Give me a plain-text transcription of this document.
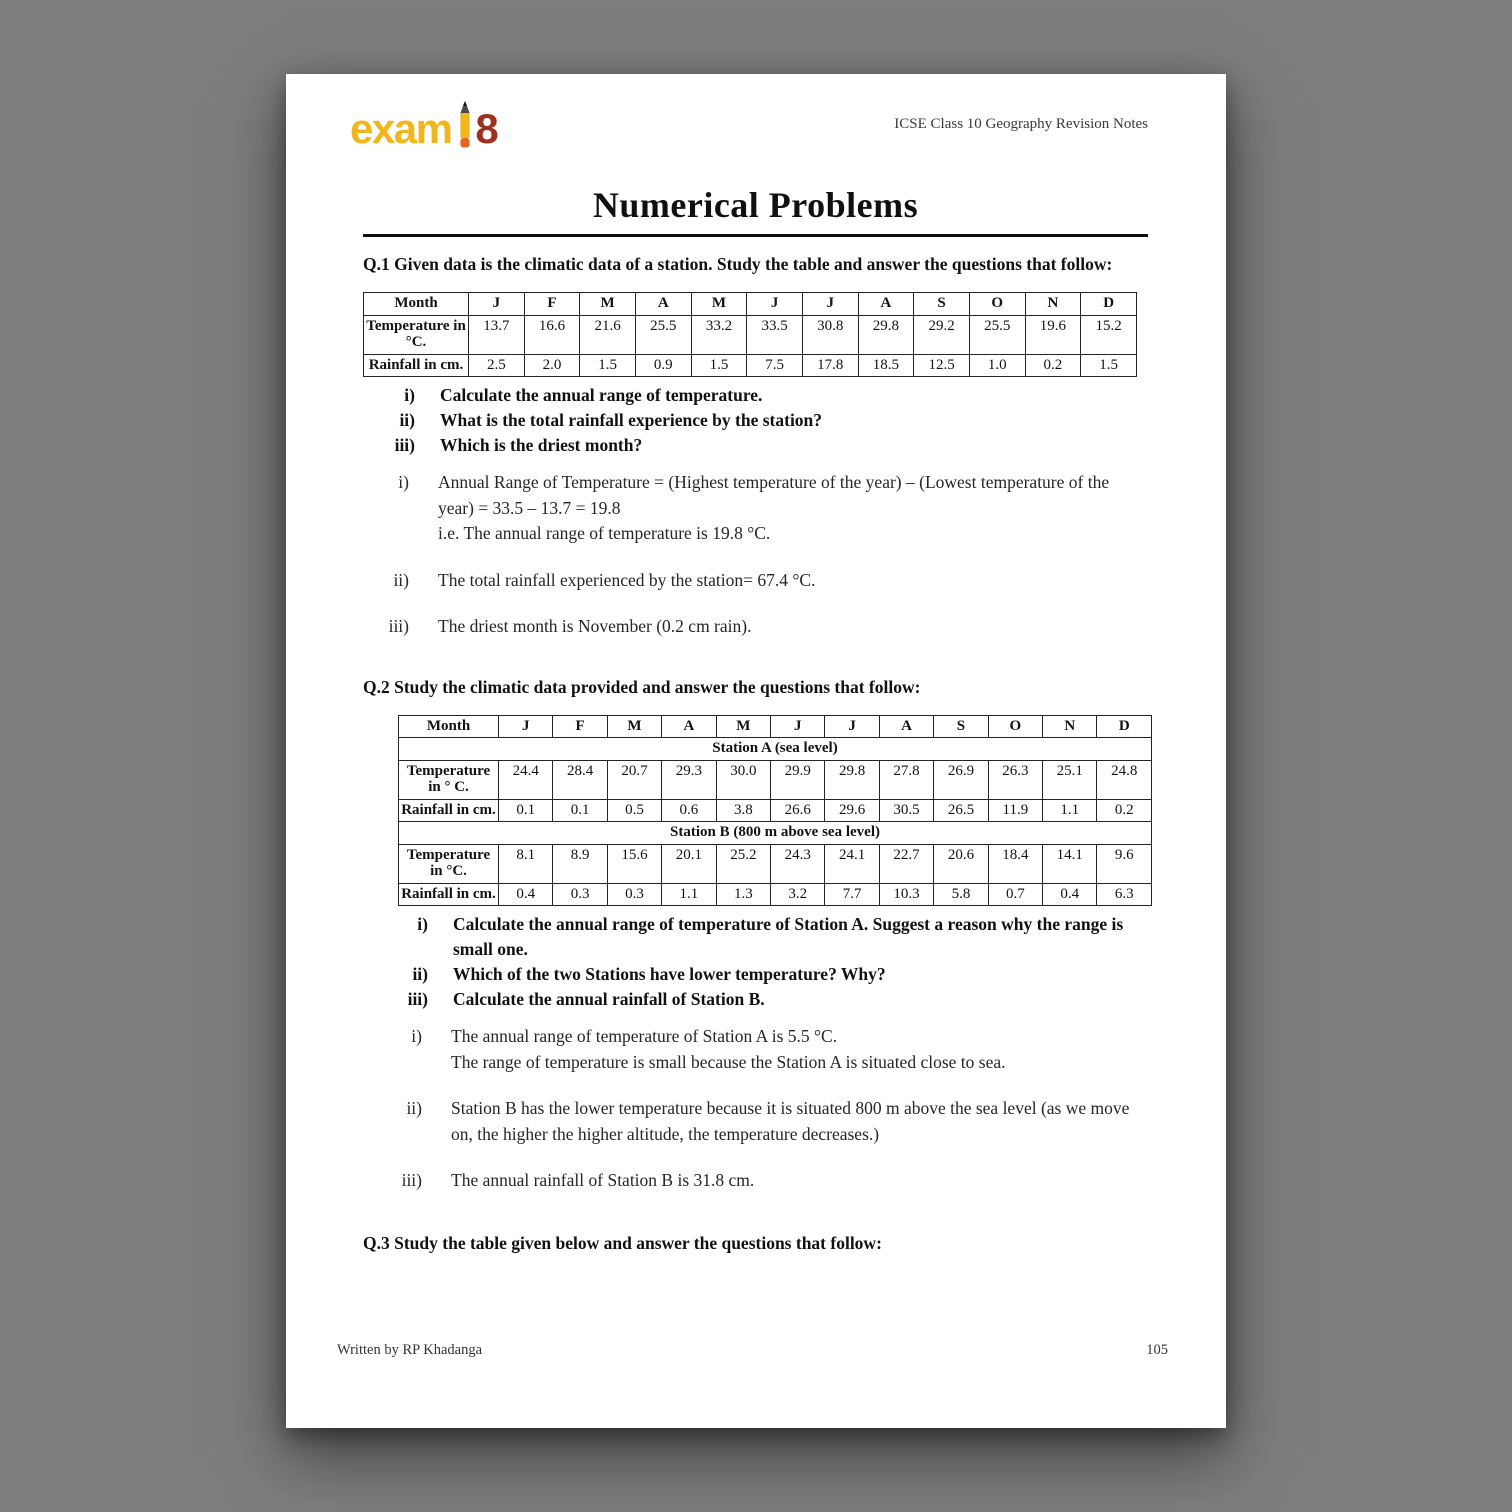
exam 8	ICSE Class 10 Geography Revision Notes
Numerical Problems

Q.1 Given data is the climatic data of a station. Study the table and answer the questions that follow:

Month	J	F	M	A	M	J	J	A	S	O	N	D
Temperature in °C.	13.7	16.6	21.6	25.5	33.2	33.5	30.8	29.8	29.2	25.5	19.6	15.2
Rainfall in cm.	2.5	2.0	1.5	0.9	1.5	7.5	17.8	18.5	12.5	1.0	0.2	1.5
i) Calculate the annual range of temperature.
ii) What is the total rainfall experience by the station?
iii) Which is the driest month?
i) Annual Range of Temperature = (Highest temperature of the year) – (Lowest temperature of the year) = 33.5 – 13.7 = 19.8
i.e. The annual range of temperature is 19.8 °C.
ii) The total rainfall experienced by the station= 67.4 °C.
iii) The driest month is November (0.2 cm rain).

Q.2 Study the climatic data provided and answer the questions that follow:

Month	J	F	M	A	M	J	J	A	S	O	N	D
Station A (sea level)												
Temperature in ° C.	24.4	28.4	20.7	29.3	30.0	29.9	29.8	27.8	26.9	26.3	25.1	24.8
Rainfall in cm.	0.1	0.1	0.5	0.6	3.8	26.6	29.6	30.5	26.5	11.9	1.1	0.2
Station B (800 m above sea level)												
Temperature in °C.	8.1	8.9	15.6	20.1	25.2	24.3	24.1	22.7	20.6	18.4	14.1	9.6
Rainfall in cm.	0.4	0.3	0.3	1.1	1.3	3.2	7.7	10.3	5.8	0.7	0.4	6.3
i) Calculate the annual range of temperature of Station A. Suggest a reason why the range is small one.
ii) Which of the two Stations have lower temperature? Why?
iii) Calculate the annual rainfall of Station B.
i) The annual range of temperature of Station A is 5.5 °C.
The range of temperature is small because the Station A is situated close to sea.
ii) Station B has the lower temperature because it is situated 800 m above the sea level (as we move on, the higher the higher altitude, the temperature decreases.)
iii) The annual rainfall of Station B is 31.8 cm.

Q.3 Study the table given below and answer the questions that follow:

Written by RP Khadanga	105
